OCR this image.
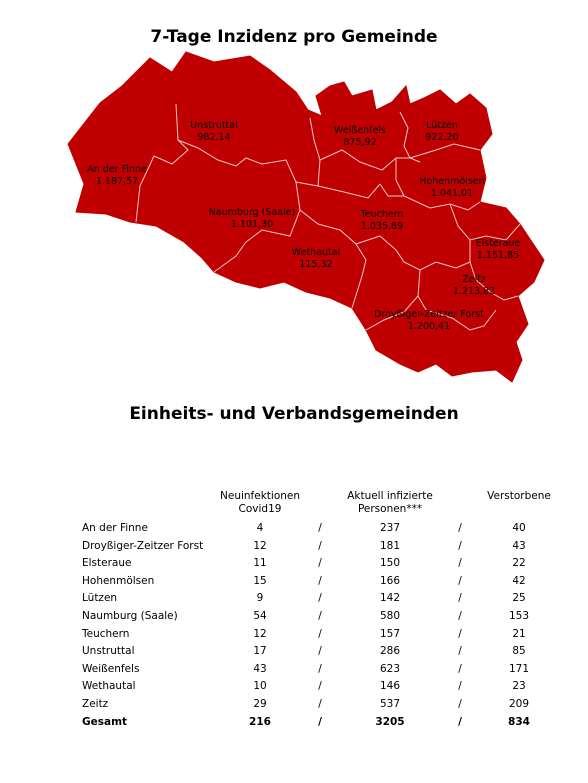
7-Tage Inzidenz pro Gemeinde
Unstruttal
982,14
Weißenfels
875,92
Lützen
922,20
An der Finne
1.187,57	Hohenmölsen
1.041,01
Naumburg (Saale)
1.101,30
Teuchern
1.035,89
Wethautal
115,32
Elsteraue
1.151,85
Zeitz
1.213,82
Droyßiger-Zeitzer Forst
1.200,41
Einheits- und Verbandsgemeinden
	Neuinfektionen
Covid19		Aktuell infizierte
Personen***		Verstorbene

An der Finne	4	/	237	/	40
Droyßiger-Zeitzer Forst	12	/	181	/	43
Elsteraue	11	/	150	/	22
Hohenmölsen	15	/	166	/	42
Lützen	9	/	142	/	25
Naumburg (Saale)	54	/	580	/	153
Teuchern	12	/	157	/	21
Unstruttal	17	/	286	/	85
Weißenfels	43	/	623	/	171
Wethautal	10	/	146	/	23
Zeitz	29	/	537	/	209
Gesamt	216	/	3205	/	834
